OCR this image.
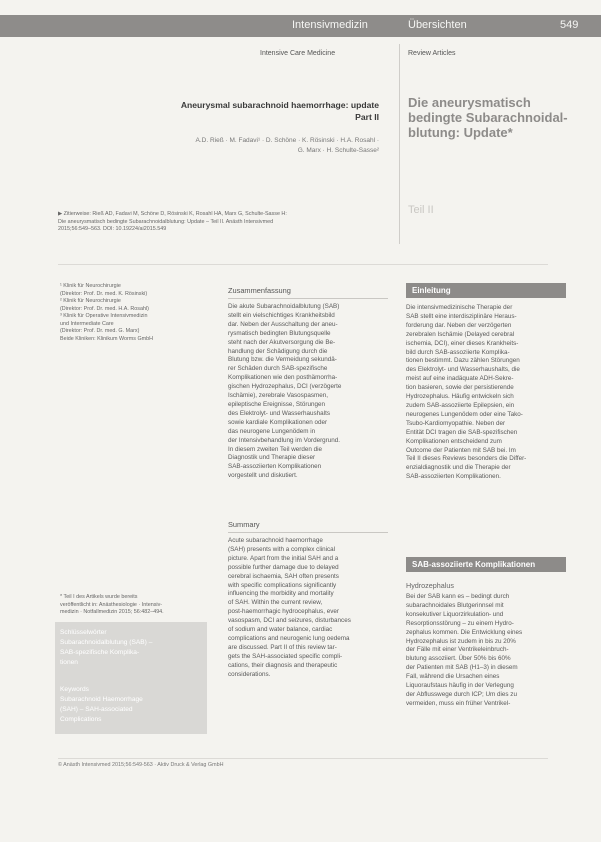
Intensivmedizin	Übersichten	549
Intensive Care Medicine	Review Articles
Aneurysmal subarachnoid haemorrhage: update
Part II
A.D. Rieß · M. Fadavi¹ · D. Schöne · K. Rösinski · H.A. Rosahl ·
G. Marx · H. Schulte-Sasse²
Die aneurysmatisch
bedingte Subarachnoidal-
blutung: Update*
Teil II
▶ Zitierweise: Rieß AD, Fadavi M, Schöne D, Rösinski K, Rosahl HA, Marx G, Schulte-Sasse H:
Die aneurysmatisch bedingte Subarachnoidalblutung: Update – Teil II. Anästh Intensivmed
2015;56:549–563. DOI: 10.19224/ai2015.549
¹ Klinik für Neurochirurgie
(Direktor: Prof. Dr. med. K. Rösinski)
² Klinik für Neurochirurgie
(Direktor: Prof. Dr. med. H.A. Rosahl)
³ Klinik für Operative Intensivmedizin
und Intermediate Care
(Direktor: Prof. Dr. med. G. Marx)
Beide Kliniken: Klinikum Worms GmbH
* Teil I des Artikels wurde bereits
veröffentlicht in: Anästhesiologie · Intensiv-
medizin · Notfallmedizin 2015; 56:482–494.
Schlüsselwörter
Subarachnoidalblutung (SAB) –
SAB-spezifische Komplika-
tionen
Keywords
Subarachnoid Haemorrhage
(SAH) – SAH-associated
Complications
Zusammenfassung
Die akute Subarachnoidalblutung (SAB)
stellt ein vielschichtiges Krankheitsbild
dar. Neben der Ausschaltung der aneu-
rysmatisch bedingten Blutungsquelle
steht nach der Akutversorgung die Be-
handlung der Schädigung durch die
Blutung bzw. die Vermeidung sekundä-
rer Schäden durch SAB-spezifische
Komplikationen wie den posthämorrha-
gischen Hydrozephalus, DCI (verzögerte
Ischämie), zerebrale Vasospasmen,
epileptische Ereignisse, Störungen
des Elektrolyt- und Wasserhaushalts
sowie kardiale Komplikationen oder
das neurogene Lungenödem in
der Intensivbehandlung im Vordergrund.
In diesem zweiten Teil werden die
Diagnostik und Therapie dieser
SAB-assoziierten Komplikationen
vorgestellt und diskutiert.
Summary
Acute subarachnoid haemorrhage
(SAH) presents with a complex clinical
picture. Apart from the initial SAH and a
possible further damage due to delayed
cerebral ischaemia, SAH often presents
with specific complications significantly
influencing the morbidity and mortality
of SAH. Within the current review,
post-haemorrhagic hydrocephalus, ever
vasospasm, DCI and seizures, disturbances
of sodium and water balance, cardiac
complications and neurogenic lung oedema
are discussed. Part II of this review tar-
gets the SAH-associated specific compli-
cations, their diagnosis and therapeutic
considerations.
Einleitung
Die intensivmedizinische Therapie der
SAB stellt eine interdisziplinäre Heraus-
forderung dar. Neben der verzögerten
zerebralen Ischämie (Delayed cerebral
ischemia, DCI), einer dieses Krankheits-
bild durch SAB-assoziierte Komplika-
tionen bestimmt. Dazu zählen Störungen
des Elektrolyt- und Wasserhaushalts, die
meist auf eine inadäquate ADH-Sekre-
tion basieren, sowie der persistierende
Hydrozephalus. Häufig entwickeln sich
zudem SAB-assoziierte Epilepsien, ein
neurogenes Lungenödem oder eine Tako-
Tsubo-Kardiomyopathie. Neben der
Entität DCI tragen die SAB-spezifischen
Komplikationen entscheidend zum
Outcome der Patienten mit SAB bei. Im
Teil II dieses Reviews besonders die Differ-
enzialdiagnostik und die Therapie der
SAB-assoziierten Komplikationen.
SAB-assoziierte Komplikationen
Hydrozephalus
Bei der SAB kann es – bedingt durch
subarachnoidales Blutgerinnsel mit
konsekutiver Liquorzirkulation- und
Resorptionsstörung – zu einem Hydro-
zephalus kommen. Die Entwicklung eines
Hydrozephalus ist zudem in bis zu 20%
der Fälle mit einer Ventrikeleinbruch-
blutung assoziiert. Über 50% bis 60%
der Patienten mit SAB (H1–3) in diesem
Fall, während die Ursachen eines
Liquoraufstaus häufig in der Verlegung
der Abflusswege durch ICP; Um dies zu
vermeiden, muss ein früher Ventrikel-
© Anästh Intensivmed 2015;56:549-563 · Aktiv Druck & Verlag GmbH
